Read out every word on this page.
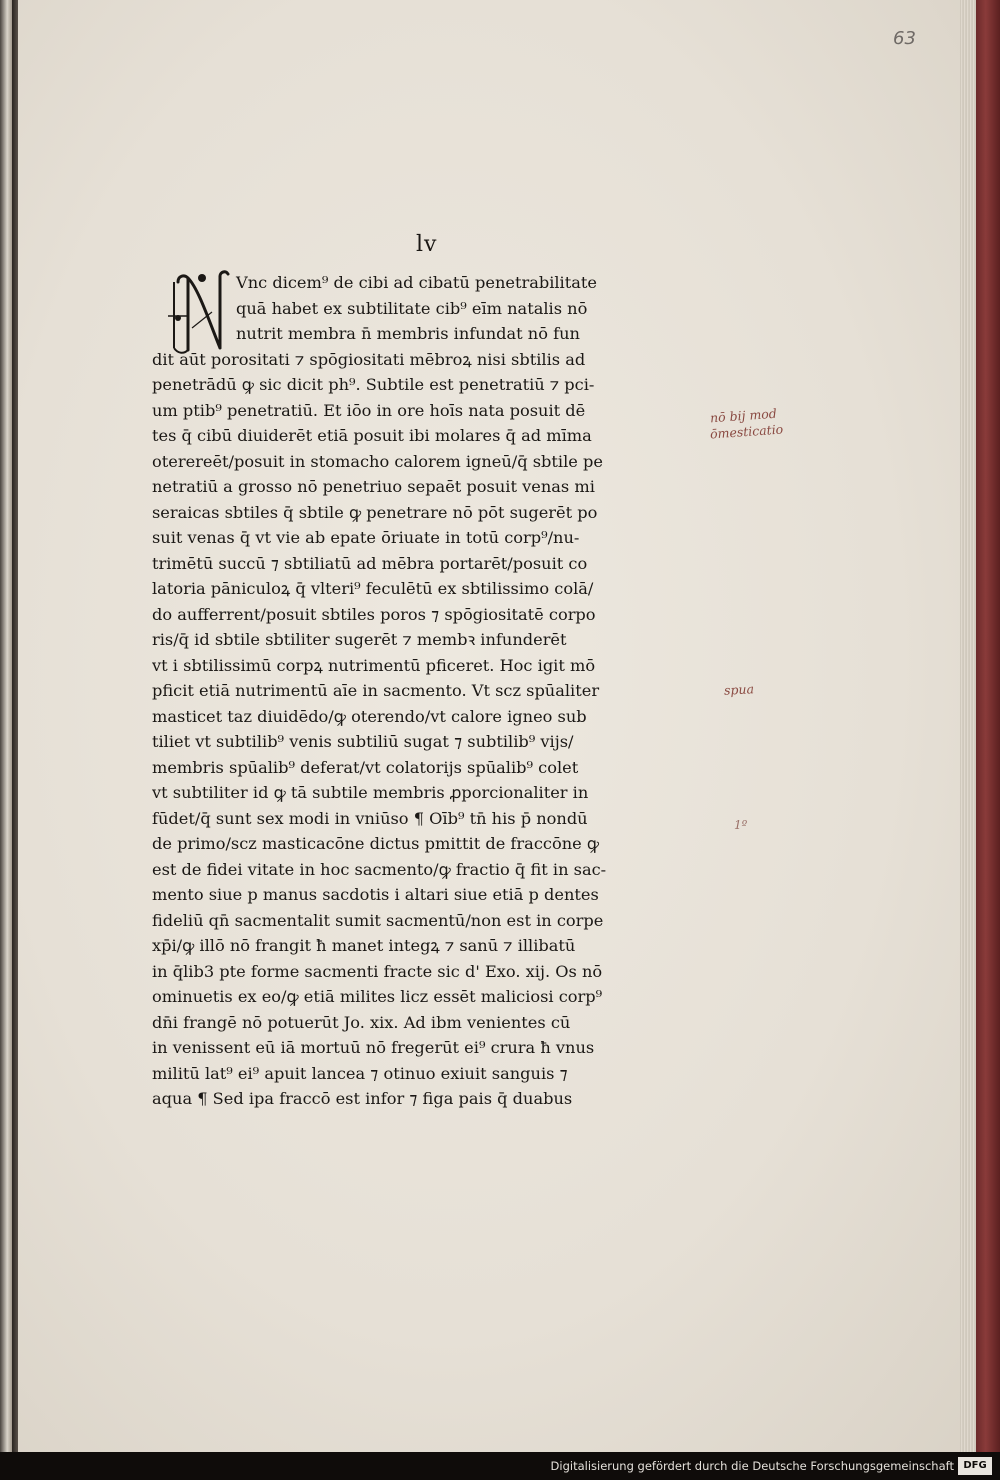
63
lv
Vnc dicem⁹ de cibi ad cibatū penetrabilitate
quā habet ex subtilitate cib⁹ eīm natalis nō
nutrit membra n̄ membris infundat nō fun
dit aūt porositati ⁊ spōgiositati mēbroꝝ nisi sbtilis ad
penetrādū ꝙ sic dicit ph⁹. Subtile est penetratiū ⁊ pci-
um ptib⁹ penetratiū. Et iōo in ore hoīs nata posuit dē
tes q̄ cibū diuiderēt etiā posuit ibi molares q̄ ad mīma
oterereēt/posuit in stomacho calorem igneū/q̄ sbtile pe
netratiū a grosso nō penetriuo sepaēt posuit venas mi
seraicas sbtiles q̄ sbtile ꝙ penetrare nō pōt sugerēt po
suit venas q̄ vt vie ab epate ōriuate in totū corp⁹/nu-
trimētū succū ⁊ sbtiliatū ad mēbra portarēt/posuit co
latoria pāniculoꝝ q̄ vlteri⁹ feculētū ex sbtilissimo colā/
do aufferrent/posuit sbtiles poros ⁊ spōgiositatē corpo
ris/q̄ id sbtile sbtiliter sugerēt ⁊ membꝛ infunderēt
vt i sbtilissimū corpꝝ nutrimentū pficeret. Hoc igit mō
pficit etiā nutrimentū aīe in sacmento. Vt scz spūaliter
masticet taz diuidēdo/ꝙ oterendo/vt calore igneo sub
tiliet vt subtilib⁹ venis subtiliū sugat ⁊ subtilib⁹ vijs/
membris spūalib⁹ deferat/vt colatorijs spūalib⁹ colet
vt subtiliter id ꝙ tā subtile membris ꝓporcionaliter in
fūdet/q̄ sunt sex modi in vniūso ¶ Oīb⁹ tn̄ his p̄ nondū
de primo/scz masticacōne dictus pmittit de fraccōne ꝙ
est de fidei vitate in hoc sacmento/ꝙ fractio q̄ fit in sac-
mento siue p manus sacdotis i altari siue etiā p dentes
fideliū qn̄ sacmentalit sumit sacmentū/non est in corpe
xp̄i/ꝙ illō nō frangit ħ manet integꝝ ⁊ sanū ⁊ illibatū
in q̄lib3 pte forme sacmenti fracte sic d' Exo. xij. Os nō
ominuetis ex eo/ꝙ etiā milites licz essēt maliciosi corp⁹
dn̄i frangē nō potuerūt Jo. xix. Ad ibm venientes cū
in venissent eū iā mortuū nō fregerūt ei⁹ crura ħ vnus
militū lat⁹ ei⁹ apuit lancea ⁊ otinuo exiuit sanguis ⁊
aqua ¶ Sed ipa fraccō est infor ⁊ figa pais q̄ duabus
nō bij mod
ōmesticatio
spua
1º
Digitalisierung gefördert durch die Deutsche Forschungsgemeinschaft DFG
